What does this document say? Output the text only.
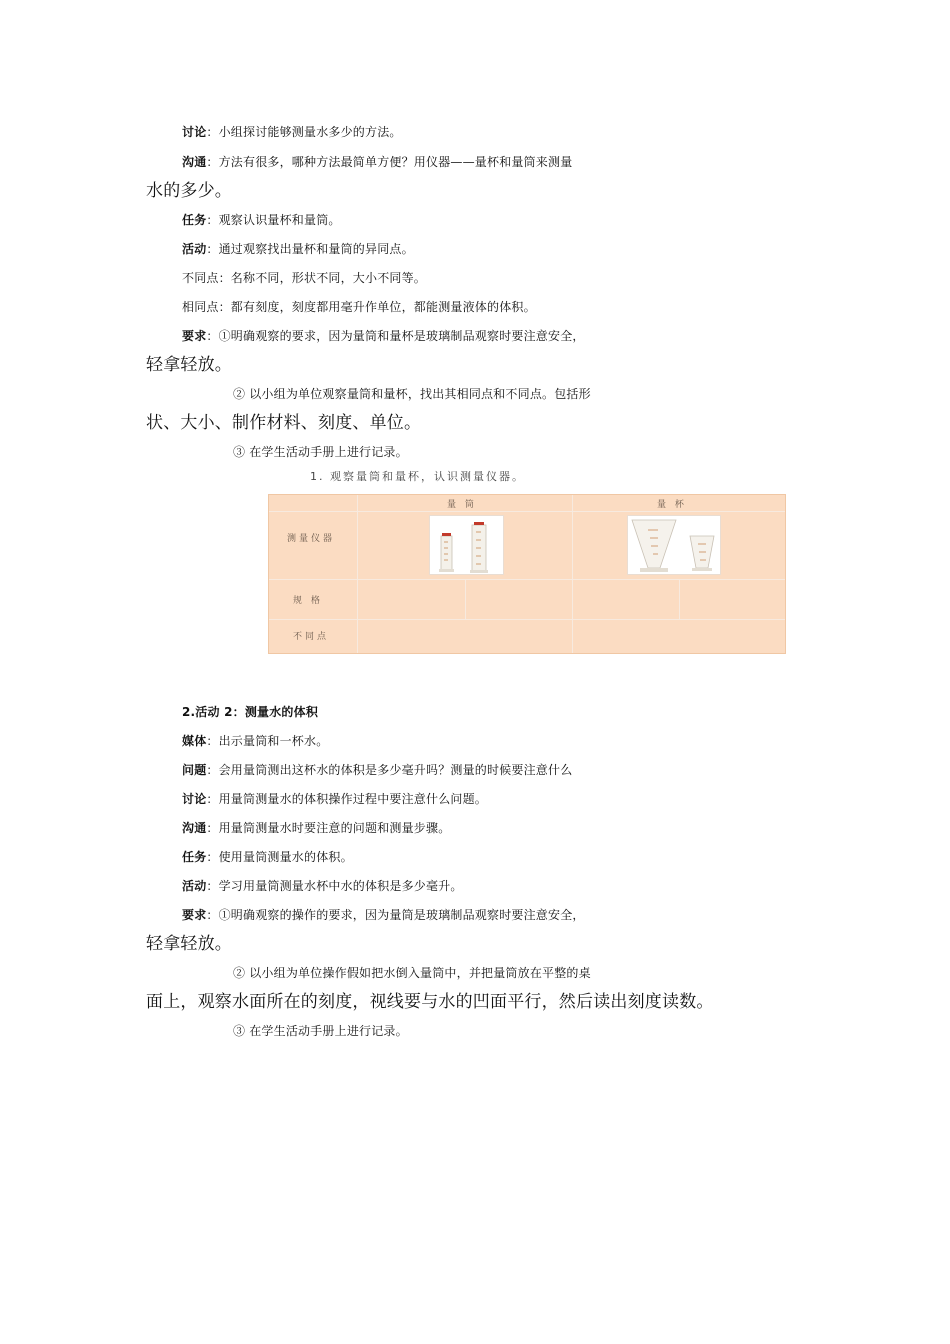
讨论：小组探讨能够测量水多少的方法。
沟通：方法有很多，哪种方法最简单方便？用仪器——量杯和量筒来测量
水的多少。
任务：观察认识量杯和量筒。
活动：通过观察找出量杯和量筒的异同点。
不同点：名称不同，形状不同，大小不同等。
相同点：都有刻度，刻度都用毫升作单位，都能测量液体的体积。
要求：①明确观察的要求，因为量筒和量杯是玻璃制品观察时要注意安全，
轻拿轻放。
② 以小组为单位观察量筒和量杯，找出其相同点和不同点。包括形
状、大小、制作材料、刻度、单位。
③ 在学生活动手册上进行记录。
1. 观察量筒和量杯，认识测量仪器。
量 筒	量 杯
测量仪器
规 格
不同点
2.活动 2：测量水的体积
媒体：出示量筒和一杯水。
问题：会用量筒测出这杯水的体积是多少毫升吗？测量的时候要注意什么
讨论：用量筒测量水的体积操作过程中要注意什么问题。
沟通：用量筒测量水时要注意的问题和测量步骤。
任务：使用量筒测量水的体积。
活动：学习用量筒测量水杯中水的体积是多少毫升。
要求：①明确观察的操作的要求，因为量筒是玻璃制品观察时要注意安全，
轻拿轻放。
② 以小组为单位操作假如把水倒入量筒中，并把量筒放在平整的桌
面上，观察水面所在的刻度，视线要与水的凹面平行，然后读出刻度读数。
③ 在学生活动手册上进行记录。
